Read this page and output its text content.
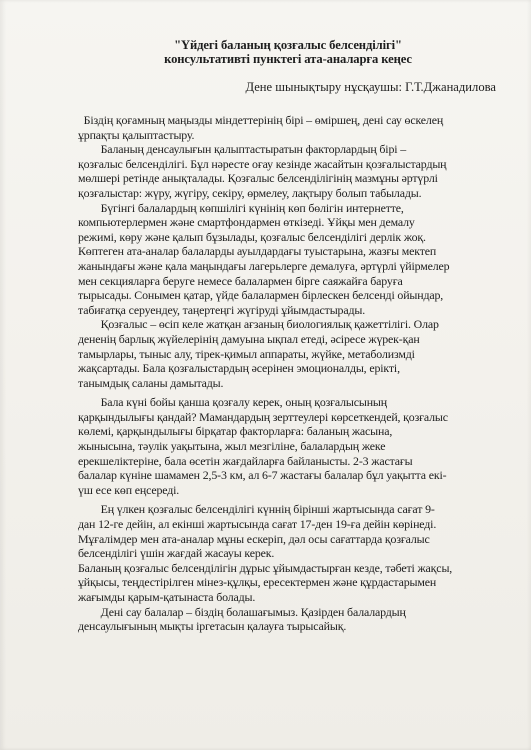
"Үйдегі баланың қозғалыс белсенділігі"
консультативті пунктегі ата-аналарға кеңес

Дене шынықтыру нұсқаушы: Г.Т.Джанадилова

Біздің қоғамның маңызды міндеттерінің бірі – өміршең, дені сау өскелең
ұрпақты қалыптастыру.

Баланың денсаулығын қалыптастыратын факторлардың бірі –
қозғалыс белсенділігі. Бұл нәресте оғау кезінде жасайтын қозғалыстардың
мөлшері ретінде анықталады. Қозғалыс белсенділігінің мазмұны әртүрлі
қозғалыстар: жүру, жүгіру, секіру, өрмелеу, лақтыру болып табылады.

Бүгінгі балалардың көпшілігі күнінің көп бөлігін интернетте,
компьютерлермен және смартфондармен өткізеді. Ұйқы мен демалу
режимі, көру және қалып бұзылады, қозғалыс белсенділігі дерлік жоқ.
Көптеген ата-аналар балаларды ауылдардағы туыстарына, жазғы мектеп
жанындағы және қала маңындағы лагерьлерге демалуға, әртүрлі үйірмелер
мен секцияларға беруге немесе балалармен бірге саяжайға баруға
тырысады. Сонымен қатар, үйде балалармен бірлескен белсенді ойындар,
табиғатқа серуендеу, таңертеңгі жүгіруді ұйымдастырады.

Қозғалыс – өсіп келе жатқан ағзаның биологиялық қажеттілігі. Олар
дененің барлық жүйелерінің дамуына ықпал етеді, әсіресе жүрек-қан
тамырлары, тыныс алу, тірек-қимыл аппараты, жүйке, метаболизмді
жақсартады. Бала қозғалыстардың әсерінен эмоционалды, ерікті,
танымдық саланы дамытады.

Бала күні бойы қанша қозғалу керек, оның қозғалысының
қарқындылығы қандай? Мамандардың зерттеулері көрсеткендей, қозғалыс
көлемі, қарқындылығы бірқатар факторларға: баланың жасына,
жынысына, тәулік уақытына, жыл мезгіліне, балалардың жеке
ерекшеліктеріне, бала өсетін жағдайларға байланысты. 2-3 жастағы
балалар күніне шамамен 2,5-3 км, ал 6-7 жастағы балалар бұл уақытта екі-
үш есе көп еңсереді.

Ең үлкен қозғалыс белсенділігі күннің бірінші жартысында сағат 9-
дан 12-ге дейін, ал екінші жартысында сағат 17-ден 19-ға дейін көрінеді.
Мұғалімдер мен ата-аналар мұны ескеріп, дәл осы сағаттарда қозғалыс
белсенділігі үшін жағдай жасауы керек.
Баланың қозғалыс белсенділігін дұрыс ұйымдастырған кезде, тәбеті жақсы,
ұйқысы, теңдестірілген мінез-құлқы, ересектермен және құрдастарымен
жағымды қарым-қатынаста болады.

Дені сау балалар – біздің болашағымыз. Қазірден балалардың
денсаулығының мықты іргетасын қалауға тырысайық.
